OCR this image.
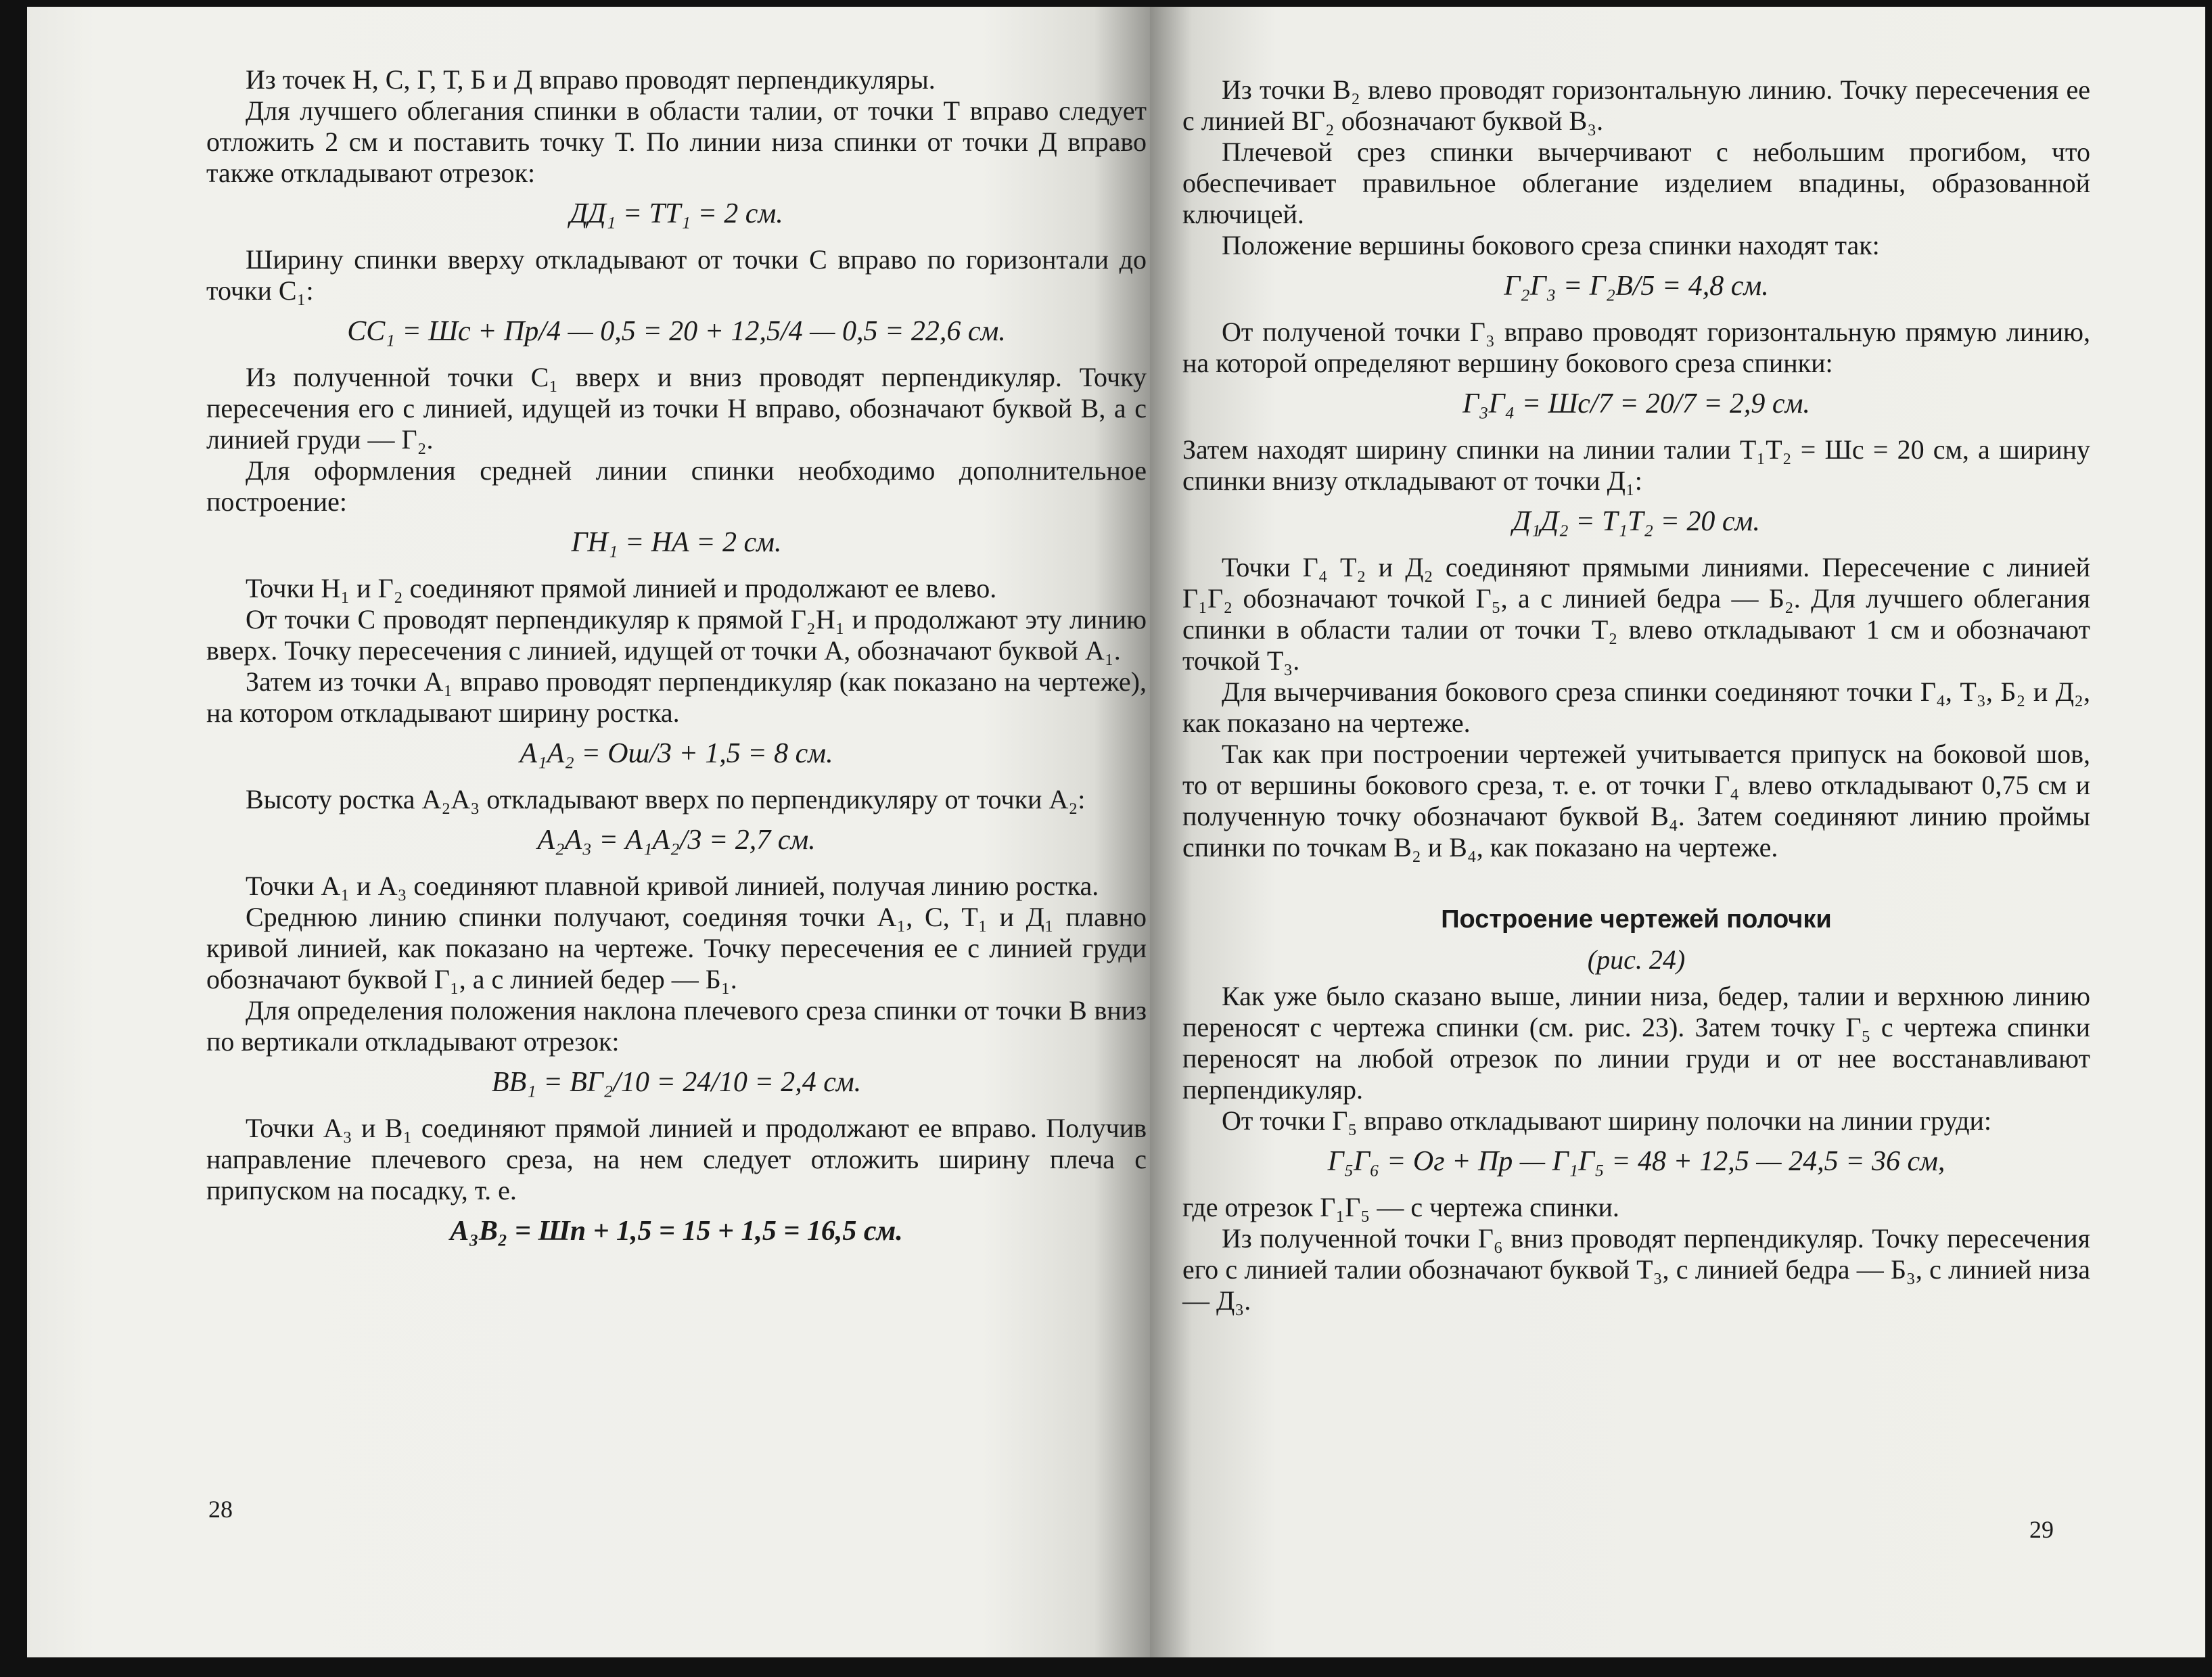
Из точек Н, С, Г, Т, Б и Д вправо проводят перпендикуляры.

Для лучшего облегания спинки в области талии, от точки Т вправо следует отложить 2 см и поставить точку Т. По линии низа спинки от точки Д вправо также откладывают отрезок:

ДД₁ = ТТ₁ = 2 см.

Ширину спинки вверху откладывают от точки С вправо по горизонтали до точки С₁:

СС₁ = Шс + Пр/4 — 0,5 = 20 + 12,5/4 — 0,5 = 22,6 см.

Из полученной точки С₁ вверх и вниз проводят перпендикуляр. Точку пересечения его с линией, идущей из точки Н вправо, обозначают буквой В, а с линией груди — Г₂.

Для оформления средней линии спинки необходимо дополнительное построение:

ГН₁ = НА = 2 см.

Точки Н₁ и Г₂ соединяют прямой линией и продолжают ее влево.

От точки С проводят перпендикуляр к прямой Г₂Н₁ и продолжают эту линию вверх. Точку пересечения с линией, идущей от точки А, обозначают буквой А₁.

Затем из точки А₁ вправо проводят перпендикуляр (как показано на чертеже), на котором откладывают ширину ростка.

А₁А₂ = Ош/3 + 1,5 = 8 см.

Высоту ростка А₂А₃ откладывают вверх по перпендикуляру от точки А₂:

А₂А₃ = А₁А₂/3 = 2,7 см.

Точки А₁ и А₃ соединяют плавной кривой линией, получая линию ростка.

Среднюю линию спинки получают, соединяя точки А₁, С, Т₁ и Д₁ плавно кривой линией, как показано на чертеже. Точку пересечения ее с линией груди обозначают буквой Г₁, а с линией бедер — Б₁.

Для определения положения наклона плечевого среза спинки от точки В вниз по вертикали откладывают отрезок:

ВВ₁ = ВГ₂/10 = 24/10 = 2,4 см.

Точки А₃ и В₁ соединяют прямой линией и продолжают ее вправо. Получив направление плечевого среза, на нем следует отложить ширину плеча с припуском на посадку, т. е.

А₃В₂ = Шп + 1,5 = 15 + 1,5 = 16,5 см.

28

Из точки В₂ влево проводят горизонтальную линию. Точку пересечения ее с линией ВГ₂ обозначают буквой В₃.

Плечевой срез спинки вычерчивают с небольшим прогибом, что обеспечивает правильное облегание изделием впадины, образованной ключицей.

Положение вершины бокового среза спинки находят так:

Г₂Г₃ = Г₂В/5 = 4,8 см.

От полученой точки Г₃ вправо проводят горизонтальную прямую линию, на которой определяют вершину бокового среза спинки:

Г₃Г₄ = Шс/7 = 20/7 = 2,9 см.

Затем находят ширину спинки на линии талии Т₁Т₂ = Шс = 20 см, а ширину спинки внизу откладывают от точки Д₁:

Д₁Д₂ = Т₁Т₂ = 20 см.

Точки Г₄ Т₂ и Д₂ соединяют прямыми линиями. Пересечение с линией Г₁Г₂ обозначают точкой Г₅, а с линией бедра — Б₂. Для лучшего облегания спинки в области талии от точки Т₂ влево откладывают 1 см и обозначают точкой Т₃.

Для вычерчивания бокового среза спинки соединяют точки Г₄, Т₃, Б₂ и Д₂, как показано на чертеже.

Так как при построении чертежей учитывается припуск на боковой шов, то от вершины бокового среза, т. е. от точки Г₄ влево откладывают 0,75 см и полученную точку обозначают буквой В₄. Затем соединяют линию проймы спинки по точкам В₂ и В₄, как показано на чертеже.

Построение чертежей полочки

(рис. 24)

Как уже было сказано выше, линии низа, бедер, талии и верхнюю линию переносят с чертежа спинки (см. рис. 23). Затем точку Г₅ с чертежа спинки переносят на любой отрезок по линии груди и от нее восстанавливают перпендикуляр.

От точки Г₅ вправо откладывают ширину полочки на линии груди:

Г₅Г₆ = Ог + Пр — Г₁Г₅ = 48 + 12,5 — 24,5 = 36 см,

где отрезок Г₁Г₅ — с чертежа спинки.

Из полученной точки Г₆ вниз проводят перпендикуляр. Точку пересечения его с линией талии обозначают буквой Т₃, с линией бедра — Б₃, с линией низа — Д₃.

29
